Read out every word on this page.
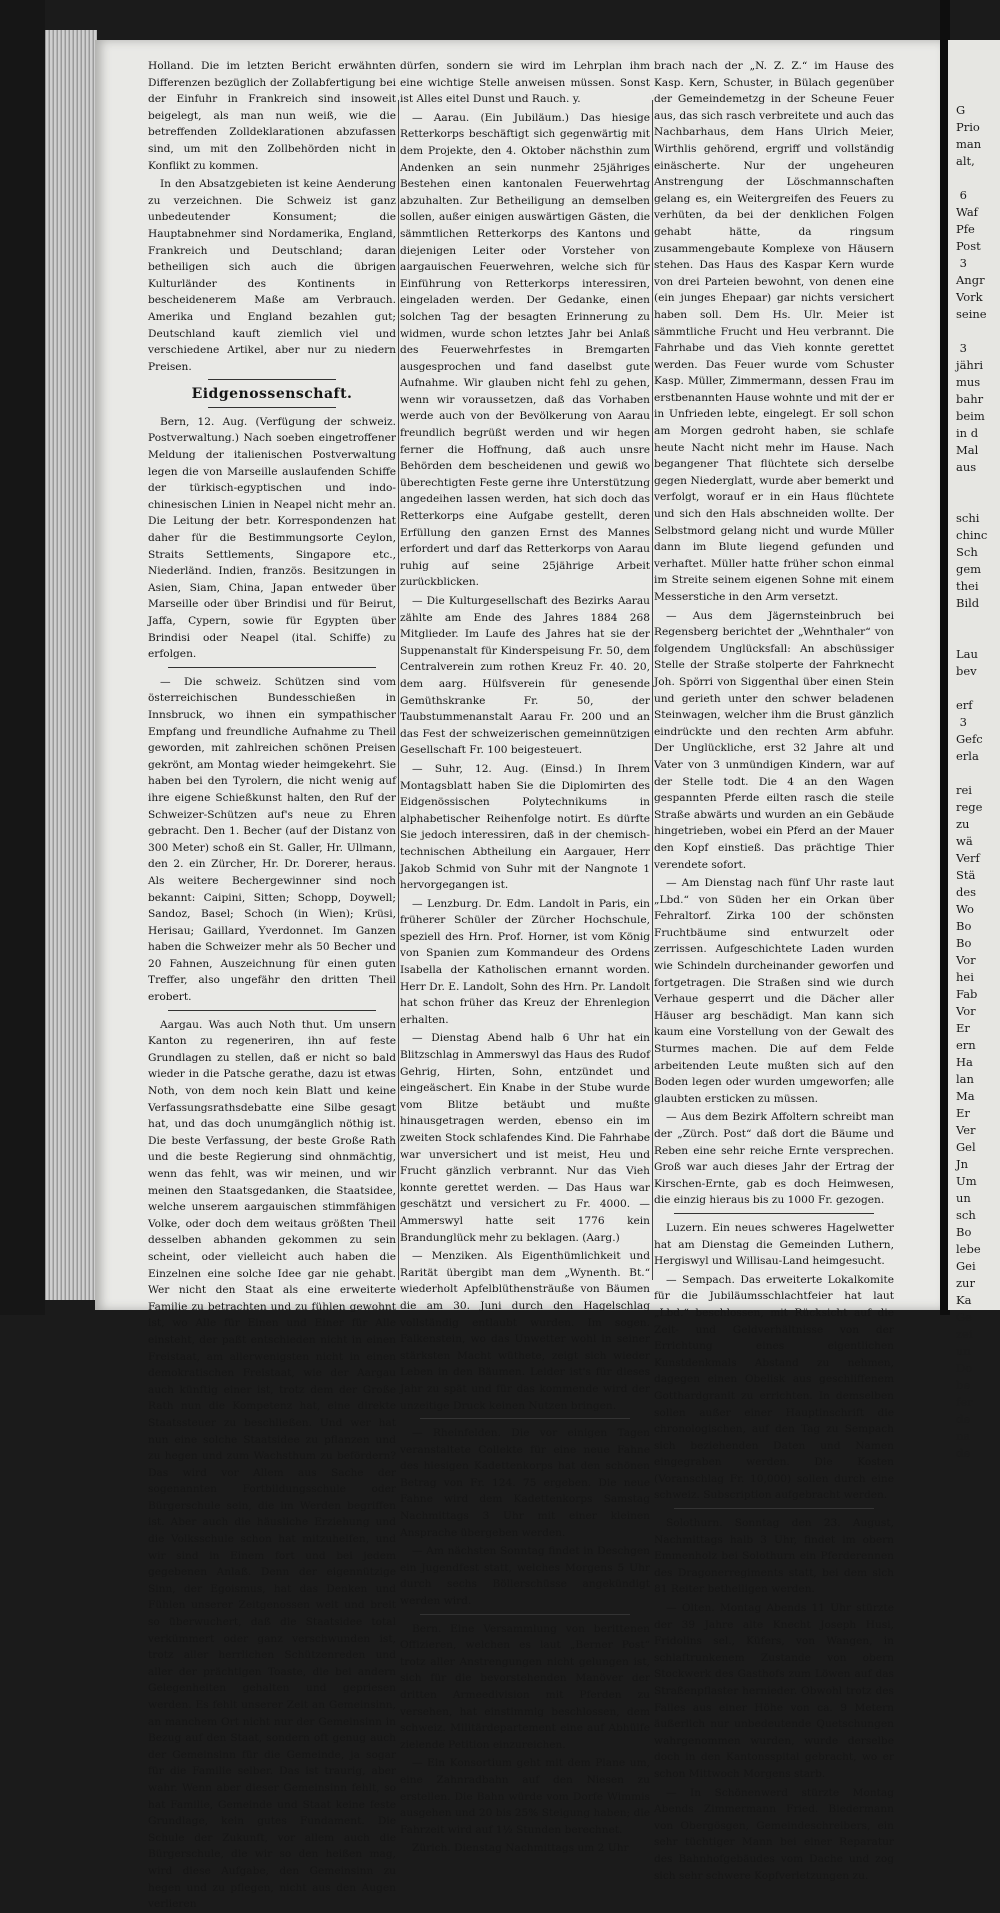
Holland. Die im letzten Bericht erwähnten Differenzen bezüglich der Zollabfertigung bei der Einfuhr in Frankreich sind insoweit beigelegt, als man nun weiß, wie die betreffenden Zolldeklarationen abzufassen sind, um mit den Zollbehörden nicht in Konflikt zu kommen.

In den Absatzgebieten ist keine Aenderung zu verzeichnen. Die Schweiz ist ganz unbedeutender Konsument; die Hauptabnehmer sind Nordamerika, England, Frankreich und Deutschland; daran betheiligen sich auch die übrigen Kulturländer des Kontinents in bescheidenerem Maße am Verbrauch. Amerika und England bezahlen gut; Deutschland kauft ziemlich viel und verschiedene Artikel, aber nur zu niedern Preisen.

Eidgenossenschaft.

Bern, 12. Aug. (Verfügung der schweiz. Postverwaltung.) Nach soeben eingetroffener Meldung der italienischen Postverwaltung legen die von Marseille auslaufenden Schiffe der türkisch-egyptischen und indo-chinesischen Linien in Neapel nicht mehr an. Die Leitung der betr. Korrespondenzen hat daher für die Bestimmungsorte Ceylon, Straits Settlements, Singapore etc., Niederländ. Indien, französ. Besitzungen in Asien, Siam, China, Japan entweder über Marseille oder über Brindisi und für Beirut, Jaffa, Cypern, sowie für Egypten über Brindisi oder Neapel (ital. Schiffe) zu erfolgen.

— Die schweiz. Schützen sind vom österreichischen Bundesschießen in Innsbruck, wo ihnen ein sympathischer Empfang und freundliche Aufnahme zu Theil geworden, mit zahlreichen schönen Preisen gekrönt, am Montag wieder heimgekehrt. Sie haben bei den Tyrolern, die nicht wenig auf ihre eigene Schießkunst halten, den Ruf der Schweizer-Schützen auf's neue zu Ehren gebracht. Den 1. Becher (auf der Distanz von 300 Meter) schoß ein St. Galler, Hr. Ullmann, den 2. ein Zürcher, Hr. Dr. Dorerer, heraus. Als weitere Bechergewinner sind noch bekannt: Caipini, Sitten; Schopp, Doywell; Sandoz, Basel; Schoch (in Wien); Krüsi, Herisau; Gaillard, Yverdonnet. Im Ganzen haben die Schweizer mehr als 50 Becher und 20 Fahnen, Auszeichnung für einen guten Treffer, also ungefähr den dritten Theil erobert.

Aargau. Was auch Noth thut. Um unsern Kanton zu regeneriren, ihn auf feste Grundlagen zu stellen, daß er nicht so bald wieder in die Patsche gerathe, dazu ist etwas Noth, von dem noch kein Blatt und keine Verfassungsrathsdebatte eine Silbe gesagt hat, und das doch unumgänglich nöthig ist. Die beste Verfassung, der beste Große Rath und die beste Regierung sind ohnmächtig, wenn das fehlt, was wir meinen, und wir meinen den Staatsgedanken, die Staatsidee, welche unserem aargauischen stimmfähigen Volke, oder doch dem weitaus größten Theil desselben abhanden gekommen zu sein scheint, oder vielleicht auch haben die Einzelnen eine solche Idee gar nie gehabt. Wer nicht den Staat als eine erweiterte Familie zu betrachten und zu fühlen gewohnt ist, wo Alle für Einen und Einer für Alle einsteht, der paßt entschieden nicht in einen Freistaat, am allerwenigsten nicht in einen demokratischen Freistaat, wie der Aargau auch künftig einer ist, trotz dem der Große Rath nun die Kompetenz hat, eine direkte Staatssteuer zu beschließen. Und wer hat nun eine solche Staatsidee zu pflanzen und zu hegen und zum Wachsthum zu befördern? Das wird vor Allem aus Sache der sogenannten Fortbildungsschule oder Bürgerschule sein, die im Werden begriffen ist. Aber auch die häusliche Erziehung und die Volksschule schon hat mitzuhelfen, und wir sind in Einem fort und bei jedem gegebenen Anlaß. Denn der eigennützige Sinn, der Egoismus, hat das Denken und Fühlen unserer Zeitgenossen weit und breit so überwuchert, daß die Staatsidee total verkümmert oder ganz verschwunden ist, trotz aller herrlichen Schützenreden und aller der prächtigen Toaste, die bei andern Gelegenheiten gehalten und gepriesen werden. Es fehlt unserer Zeit an Gemeinsinn, an manchem Ort nicht nur der Gemeinsinn in Bezug auf den Staat, sondern oft genug auch der Gemeinsinn für die Gemeinde, ja sogar für die Familie selber. Das ist traurig, aber wahr. Wenn aber dieser Gemeinsinn fehlt, so hat Familie, Gemeinde und Staat keine feste Grundlage, kein gutes Fundament. Die Schule der Zukunft, vor allem auch die Bürgerschule, die wir so den heißen mag, wird diese Aufgabe, den Gemeinsinn zu hegen und zu pflegen, nicht aus den Augen verlieren

dürfen, sondern sie wird im Lehrplan ihm eine wichtige Stelle anweisen müssen. Sonst ist Alles eitel Dunst und Rauch. y.

— Aarau. (Ein Jubiläum.) Das hiesige Retterkorps beschäftigt sich gegenwärtig mit dem Projekte, den 4. Oktober nächsthin zum Andenken an sein nunmehr 25jähriges Bestehen einen kantonalen Feuerwehrtag abzuhalten. Zur Betheiligung an demselben sollen, außer einigen auswärtigen Gästen, die sämmtlichen Retterkorps des Kantons und diejenigen Leiter oder Vorsteher von aargauischen Feuerwehren, welche sich für Einführung von Retterkorps interessiren, eingeladen werden. Der Gedanke, einen solchen Tag der besagten Erinnerung zu widmen, wurde schon letztes Jahr bei Anlaß des Feuerwehrfestes in Bremgarten ausgesprochen und fand daselbst gute Aufnahme. Wir glauben nicht fehl zu gehen, wenn wir voraussetzen, daß das Vorhaben werde auch von der Bevölkerung von Aarau freundlich begrüßt werden und wir hegen ferner die Hoffnung, daß auch unsre Behörden dem bescheidenen und gewiß wo überechtigten Feste gerne ihre Unterstützung angedeihen lassen werden, hat sich doch das Retterkorps eine Aufgabe gestellt, deren Erfüllung den ganzen Ernst des Mannes erfordert und darf das Retterkorps von Aarau ruhig auf seine 25jährige Arbeit zurückblicken.

— Die Kulturgesellschaft des Bezirks Aarau zählte am Ende des Jahres 1884 268 Mitglieder. Im Laufe des Jahres hat sie der Suppenanstalt für Kinderspeisung Fr. 50, dem Centralverein zum rothen Kreuz Fr. 40. 20, dem aarg. Hülfsverein für genesende Gemüthskranke Fr. 50, der Taubstummenanstalt Aarau Fr. 200 und an das Fest der schweizerischen gemeinnützigen Gesellschaft Fr. 100 beigesteuert.

— Suhr, 12. Aug. (Einsd.) In Ihrem Montagsblatt haben Sie die Diplomirten des Eidgenössischen Polytechnikums in alphabetischer Reihenfolge notirt. Es dürfte Sie jedoch interessiren, daß in der chemisch-technischen Abtheilung ein Aargauer, Herr Jakob Schmid von Suhr mit der Nangnote 1 hervorgegangen ist.

— Lenzburg. Dr. Edm. Landolt in Paris, ein früherer Schüler der Zürcher Hochschule, speziell des Hrn. Prof. Horner, ist vom König von Spanien zum Kommandeur des Ordens Isabella der Katholischen ernannt worden. Herr Dr. E. Landolt, Sohn des Hrn. Pr. Landolt hat schon früher das Kreuz der Ehrenlegion erhalten.

— Dienstag Abend halb 6 Uhr hat ein Blitzschlag in Ammerswyl das Haus des Rudof Gehrig, Hirten, Sohn, entzündet und eingeäschert. Ein Knabe in der Stube wurde vom Blitze betäubt und mußte hinausgetragen werden, ebenso ein im zweiten Stock schlafendes Kind. Die Fahrhabe war unversichert und ist meist, Heu und Frucht gänzlich verbrannt. Nur das Vieh konnte gerettet werden. — Das Haus war geschätzt und versichert zu Fr. 4000. — Ammerswyl hatte seit 1776 kein Brandunglück mehr zu beklagen. (Aarg.)

— Menziken. Als Eigenthümlichkeit und Rarität übergibt man dem „Wynenth. Bt.“ wiederholt Apfelblüthensträuße von Bäumen die am 30. Juni durch den Hagelschlag vollständig entlaubt wurden. Im sogen. Falkenstein, wo das Unwetter wohl in seiner stärksten Macht wüthete, zeigt sich wieder Leben in den Bäumen. Leider ist's für dieses Jahr zu spät und für das kommende wird der unzeitige Druck keinen Nutzen bringen.

— Rheinfelden. Die vor einigen Tagen veranstaltete Collekte für eine neue Fahne des hiesigen Kadettenkorps hat den schönen Betrag von Fr. 124. 75 ergeben. Die neue Fahne wird dem Kadettenkorps Samstag Nachmittags 3 Uhr mit einer kleinen Ansprache übergeben werden.

— Am nächsten Sonntag findet in Deschgen ein Jugendfest statt, welches Morgens 5 Uhr durch sechs Böllerschüsse angekündigt werden wird.

Bern. Eine Versammlung von berittenen Offizieren, welchen es laut „Berner Post“ trotz aller Anstrengungen nicht gelungen ist, sich für die bevorstehenden Manöver der dritten Armeedivision mit Pferden zu versehen, hat einstimmig beschlossen, dem schweiz. Militärdepartement eine auf Abhülfe zielende Petition einzureichen.

— Ein Konsortium geht mit dem Plane um, eine Zahnradbahn auf den Niesen zu erstellen. Die Bahn würde vom Dorfe Wimmis ausgehen und 20 bis 25% Steigung haben; die Fahrzeit wird auf 1½ Stunden berechnet.

Zürich. Dienstag Nachmittags um 2 Uhr

brach nach der „N. Z. Z.“ im Hause des Kasp. Kern, Schuster, in Bülach gegenüber der Gemeindemetzg in der Scheune Feuer aus, das sich rasch verbreitete und auch das Nachbarhaus, dem Hans Ulrich Meier, Wirthlis gehörend, ergriff und vollständig einäscherte. Nur der ungeheuren Anstrengung der Löschmannschaften gelang es, ein Weitergreifen des Feuers zu verhüten, da bei der denklichen Folgen gehabt hätte, da ringsum zusammengebaute Komplexe von Häusern stehen. Das Haus des Kaspar Kern wurde von drei Parteien bewohnt, von denen eine (ein junges Ehepaar) gar nichts versichert haben soll. Dem Hs. Ulr. Meier ist sämmtliche Frucht und Heu verbrannt. Die Fahrhabe und das Vieh konnte gerettet werden. Das Feuer wurde vom Schuster Kasp. Müller, Zimmermann, dessen Frau im erstbenannten Hause wohnte und mit der er in Unfrieden lebte, eingelegt. Er soll schon am Morgen gedroht haben, sie schlafe heute Nacht nicht mehr im Hause. Nach begangener That flüchtete sich derselbe gegen Niederglatt, wurde aber bemerkt und verfolgt, worauf er in ein Haus flüchtete und sich den Hals abschneiden wollte. Der Selbstmord gelang nicht und wurde Müller dann im Blute liegend gefunden und verhaftet. Müller hatte früher schon einmal im Streite seinem eigenen Sohne mit einem Messerstiche in den Arm versetzt.

— Aus dem Jägernsteinbruch bei Regensberg berichtet der „Wehnthaler“ von folgendem Unglücksfall: An abschüssiger Stelle der Straße stolperte der Fahrknecht Joh. Spörri von Siggenthal über einen Stein und gerieth unter den schwer beladenen Steinwagen, welcher ihm die Brust gänzlich eindrückte und den rechten Arm abfuhr. Der Unglückliche, erst 32 Jahre alt und Vater von 3 unmündigen Kindern, war auf der Stelle todt. Die 4 an den Wagen gespannten Pferde eilten rasch die steile Straße abwärts und wurden an ein Gebäude hingetrieben, wobei ein Pferd an der Mauer den Kopf einstieß. Das prächtige Thier verendete sofort.

— Am Dienstag nach fünf Uhr raste laut „Lbd.“ von Süden her ein Orkan über Fehraltorf. Zirka 100 der schönsten Fruchtbäume sind entwurzelt oder zerrissen. Aufgeschichtete Laden wurden wie Schindeln durcheinander geworfen und fortgetragen. Die Straßen sind wie durch Verhaue gesperrt und die Dächer aller Häuser arg beschädigt. Man kann sich kaum eine Vorstellung von der Gewalt des Sturmes machen. Die auf dem Felde arbeitenden Leute mußten sich auf den Boden legen oder wurden umgeworfen; alle glaubten ersticken zu müssen.

— Aus dem Bezirk Affoltern schreibt man der „Zürch. Post“ daß dort die Bäume und Reben eine sehr reiche Ernte versprechen. Groß war auch dieses Jahr der Ertrag der Kirschen-Ernte, gab es doch Heimwesen, die einzig hieraus bis zu 1000 Fr. gezogen.

Luzern. Ein neues schweres Hagelwetter hat am Dienstag die Gemeinden Luthern, Hergiswyl und Willisau-Land heimgesucht.

— Sempach. Das erweiterte Lokalkomite für die Jubiläumsschlachtfeier hat laut „Lbd.“ beschlossen, mit Rücksicht auf die Zeit- und Geldverhältnisse von der Errichtung eines eigentlichen Kunstdenkmals Abstand zu nehmen, dagegen einen Obelisk aus geschliffenem Gotthardgranit zu errichten. In demselben sollen außer einer Hauptinschrift die chronologischen, auf den Tag zu Sempach sich beziehenden Daten und Namen eingegraben werden. Die Kosten (Voranschlag Fr. 10,000) sollen durch eine schweiz. Subscription aufgebracht werden.

Solothurn. Sonntag den 23. August, Nachmittags halb 3 Uhr, findet im obern Emmenholz bei Solothurn ein Pferderennen des Dragonerregiments statt, bei dem sich 81 Reiter betheiligen werden.

— Olten. Montag Abends 11 Uhr stürzte der 39 Jahre alte Knecht Joseph Husi, Fridolins sel., Küfers, von Wangen, in schlaftrunkenem Zustande von obern Stockwerk des Gasthofs zum Löwen auf das Straßenpflaster hernieder. Obwohl trotz des Falles aus einer Höhe von ca. 9 Metern äußerlich nur unbedeutende Quetschungen wahrgenommen wurden, wurde derselbe doch in den Kantonsspital gebracht, wo er schon Mittwoch Morgens starb.

— In Schönenwerd stürzte Montag Abends Zimmermann Fried. Biedermann von Obergösgen, Gemeindeschreibers, ein sehr tüchtiger Mann bei einer Reparatur des Bahnhofgebäudes vom Dache und zog sich sehr schwere Kopfverletzungen zu.

G
Prio
man
alt,

6
Waf
Pfe
Post
3
Angr
Vork
seine

3
jähri
mus
bahr
beim
in d
Mal
aus

schi
chinc
Sch
gem
thei
Bild

Lau
bev

erf
3
Gefc
erla

rei
rege
zu
wä
Verf
Stä
des
Wo
Bo
Bo
Vor
hei
Fab
Vor
Er
ern
Ha
lan
Ma
Er
Ver
Gel
Jn
Um
un
sch
Bo
lebe
Gei
zur
Ka
Ge
zei
un
Do
be
fer
de
na
de
